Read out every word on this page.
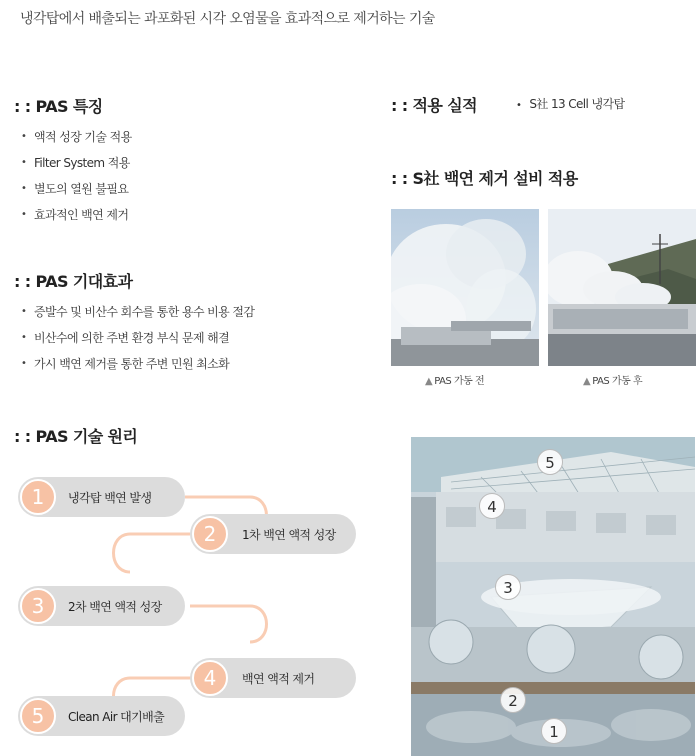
냉각탑에서 배출되는 과포화된 시각 오염물을 효과적으로 제거하는 기술
: : PAS 특징
• 액적 성장 기술 적용
• Filter System 적용
• 별도의 열원 불필요
• 효과적인 백연 제거
: : PAS 기대효과
• 증발수 및 비산수 회수를 통한 용수 비용 절감
• 비산수에 의한 주변 환경 부식 문제 해결
• 가시 백연 제거를 통한 주변 민원 최소화
: : 적용 실적
•	S社 13 Cell 냉각탑
: : S社 백연 제거 설비 적용
▲ PAS 가동 전	▲ PAS 가동 후
: : PAS 기술 원리
1	냉각탑 백연 발생
2	1차 백연 액적 성장
3	2차 백연 액적 성장
4	백연 액적 제거
5	Clean Air 대기배출
5
4
3
2
1
